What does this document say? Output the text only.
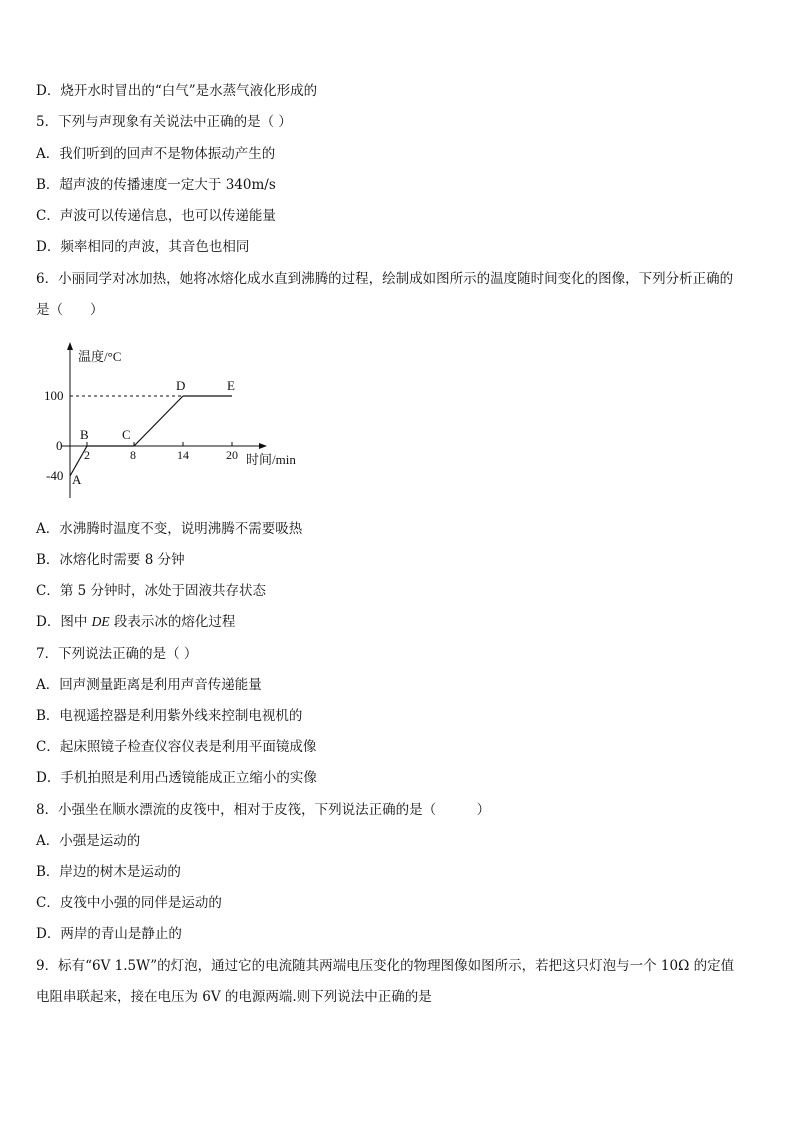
D．烧开水时冒出的“白气”是水蒸气液化形成的
5．下列与声现象有关说法中正确的是（ ）
A．我们听到的回声不是物体振动产生的
B．超声波的传播速度一定大于 340m/s
C．声波可以传递信息，也可以传递能量
D．频率相同的声波，其音色也相同
6．小丽同学对冰加热，她将冰熔化成水直到沸腾的过程，绘制成如图所示的温度随时间变化的图像，下列分析正确的
是（　　）
温度/°C
时间/min
100
0
-40
2	8	14	20
A
B	C
D	E
A．水沸腾时温度不变，说明沸腾不需要吸热
B．冰熔化时需要 8 分钟
C．第 5 分钟时，冰处于固液共存状态
D．图中 DE 段表示冰的熔化过程
7．下列说法正确的是（ ）
A．回声测量距离是利用声音传递能量
B．电视遥控器是利用紫外线来控制电视机的
C．起床照镜子检查仪容仪表是利用平面镜成像
D．手机拍照是利用凸透镜能成正立缩小的实像
8．小强坐在顺水漂流的皮筏中，相对于皮筏，下列说法正确的是（　　　）
A．小强是运动的
B．岸边的树木是运动的
C．皮筏中小强的同伴是运动的
D．两岸的青山是静止的
9．标有“6V 1.5W”的灯泡，通过它的电流随其两端电压变化的物理图像如图所示，若把这只灯泡与一个 10Ω 的定值
电阻串联起来，接在电压为 6V 的电源两端.则下列说法中正确的是
